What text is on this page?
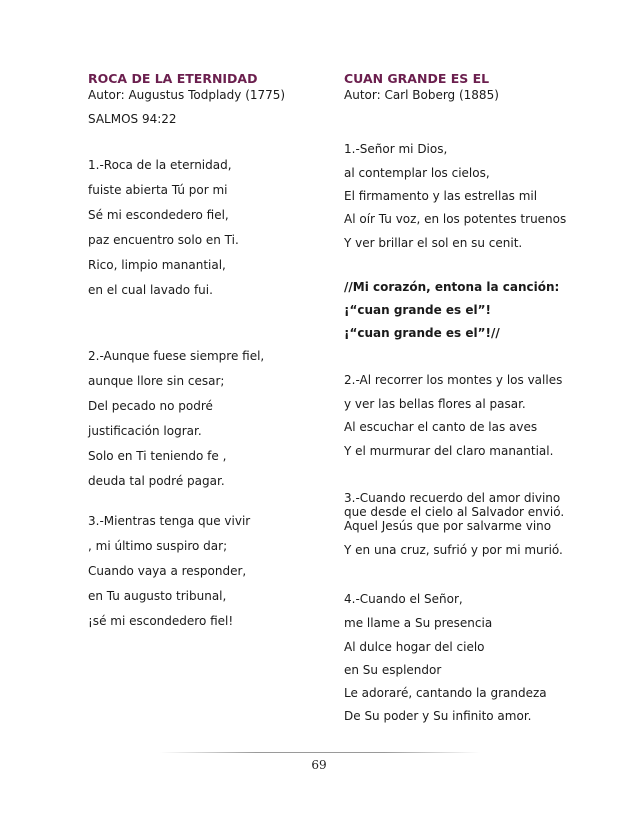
ROCA DE LA ETERNIDAD

Autor: Augustus Todplady (1775)

SALMOS 94:22

1.-Roca de la eternidad,

fuiste abierta Tú por mi

Sé mi escondedero fiel,

paz encuentro solo en Ti.

Rico, limpio manantial,

en el cual lavado fui.

2.-Aunque fuese siempre fiel,

aunque llore sin cesar;

Del pecado no podré

justificación lograr.

Solo en Ti teniendo fe ,

deuda tal podré pagar.

3.-Mientras tenga que vivir

, mi último suspiro dar;

Cuando vaya a responder,

en Tu augusto tribunal,

¡sé mi escondedero fiel!

CUAN GRANDE ES EL

Autor: Carl Boberg (1885)

1.-Señor mi Dios,

al contemplar los cielos,

El firmamento y las estrellas mil

Al oír Tu voz, en los potentes truenos

Y ver brillar el sol en su cenit.

//Mi corazón, entona la canción:

¡“cuan grande es el”!

¡“cuan grande es el”!//

2.-Al recorrer los montes y los valles

y ver las bellas flores al pasar.

Al escuchar el canto de las aves

Y el murmurar del claro manantial.

3.-Cuando recuerdo del amor divino

que desde el cielo al Salvador envió.

Aquel Jesús que por salvarme vino

Y en una cruz, sufrió y por mi murió.

4.-Cuando el Señor,

me llame a Su presencia

Al dulce hogar del cielo

en Su esplendor

Le adoraré, cantando la grandeza

De Su poder y Su infinito amor.

69
